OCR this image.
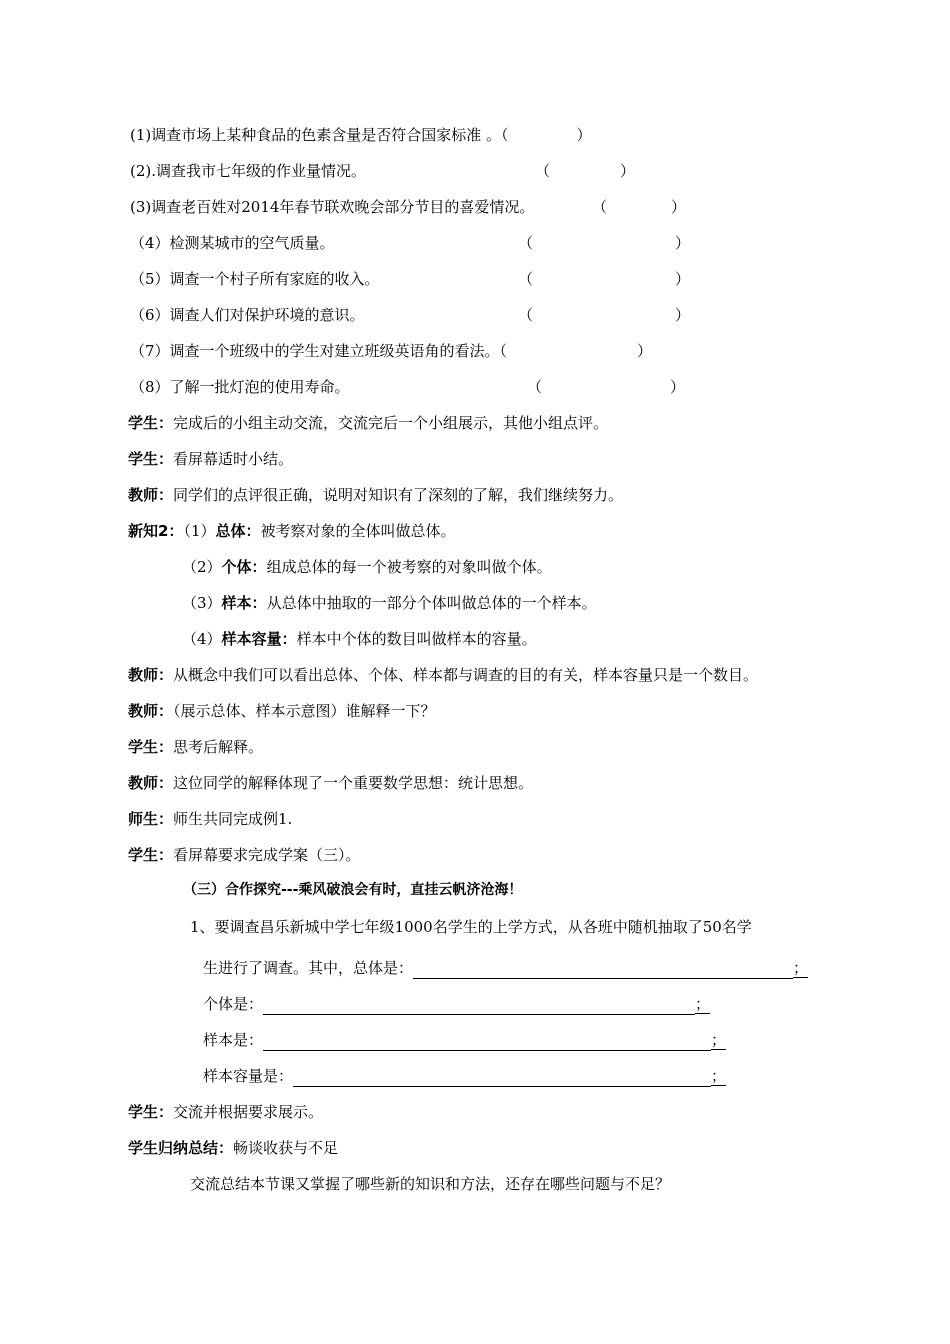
(1)调查市场上某种食品的色素含量是否符合国家标准 。（	）
(2).调查我市七年级的作业量情况。	（	）
(3)调查老百姓对2014年春节联欢晚会部分节目的喜爱情况。	（	）
（4）检测某城市的空气质量。	（	）
（5）调查一个村子所有家庭的收入。	（	）
（6）调查人们对保护环境的意识。	（	）
（7）调查一个班级中的学生对建立班级英语角的看法。（	）
（8）了解一批灯泡的使用寿命。	（	）
学生：完成后的小组主动交流，交流完后一个小组展示，其他小组点评。
学生：看屏幕适时小结。
教师：同学们的点评很正确，说明对知识有了深刻的了解，我们继续努力。
新知2：（1）总体：被考察对象的全体叫做总体。
（2）个体：组成总体的每一个被考察的对象叫做个体。
（3）样本：从总体中抽取的一部分个体叫做总体的一个样本。
（4）样本容量：样本中个体的数目叫做样本的容量。
教师：从概念中我们可以看出总体、个体、样本都与调查的目的有关，样本容量只是一个数目。
教师：（展示总体、样本示意图）谁解释一下？
学生：思考后解释。
教师：这位同学的解释体现了一个重要数学思想：统计思想。
师生：师生共同完成例1.
学生：看屏幕要求完成学案（三）。
（三）合作探究---乘风破浪会有时，直挂云帆济沧海！
1、要调查昌乐新城中学七年级1000名学生的上学方式，从各班中随机抽取了50名学
生进行了调查。其中，总体是：	；
个体是：	；
样本是：	；
样本容量是：	；
学生：交流并根据要求展示。
学生归纳总结：畅谈收获与不足
交流总结本节课又掌握了哪些新的知识和方法，还存在哪些问题与不足？
